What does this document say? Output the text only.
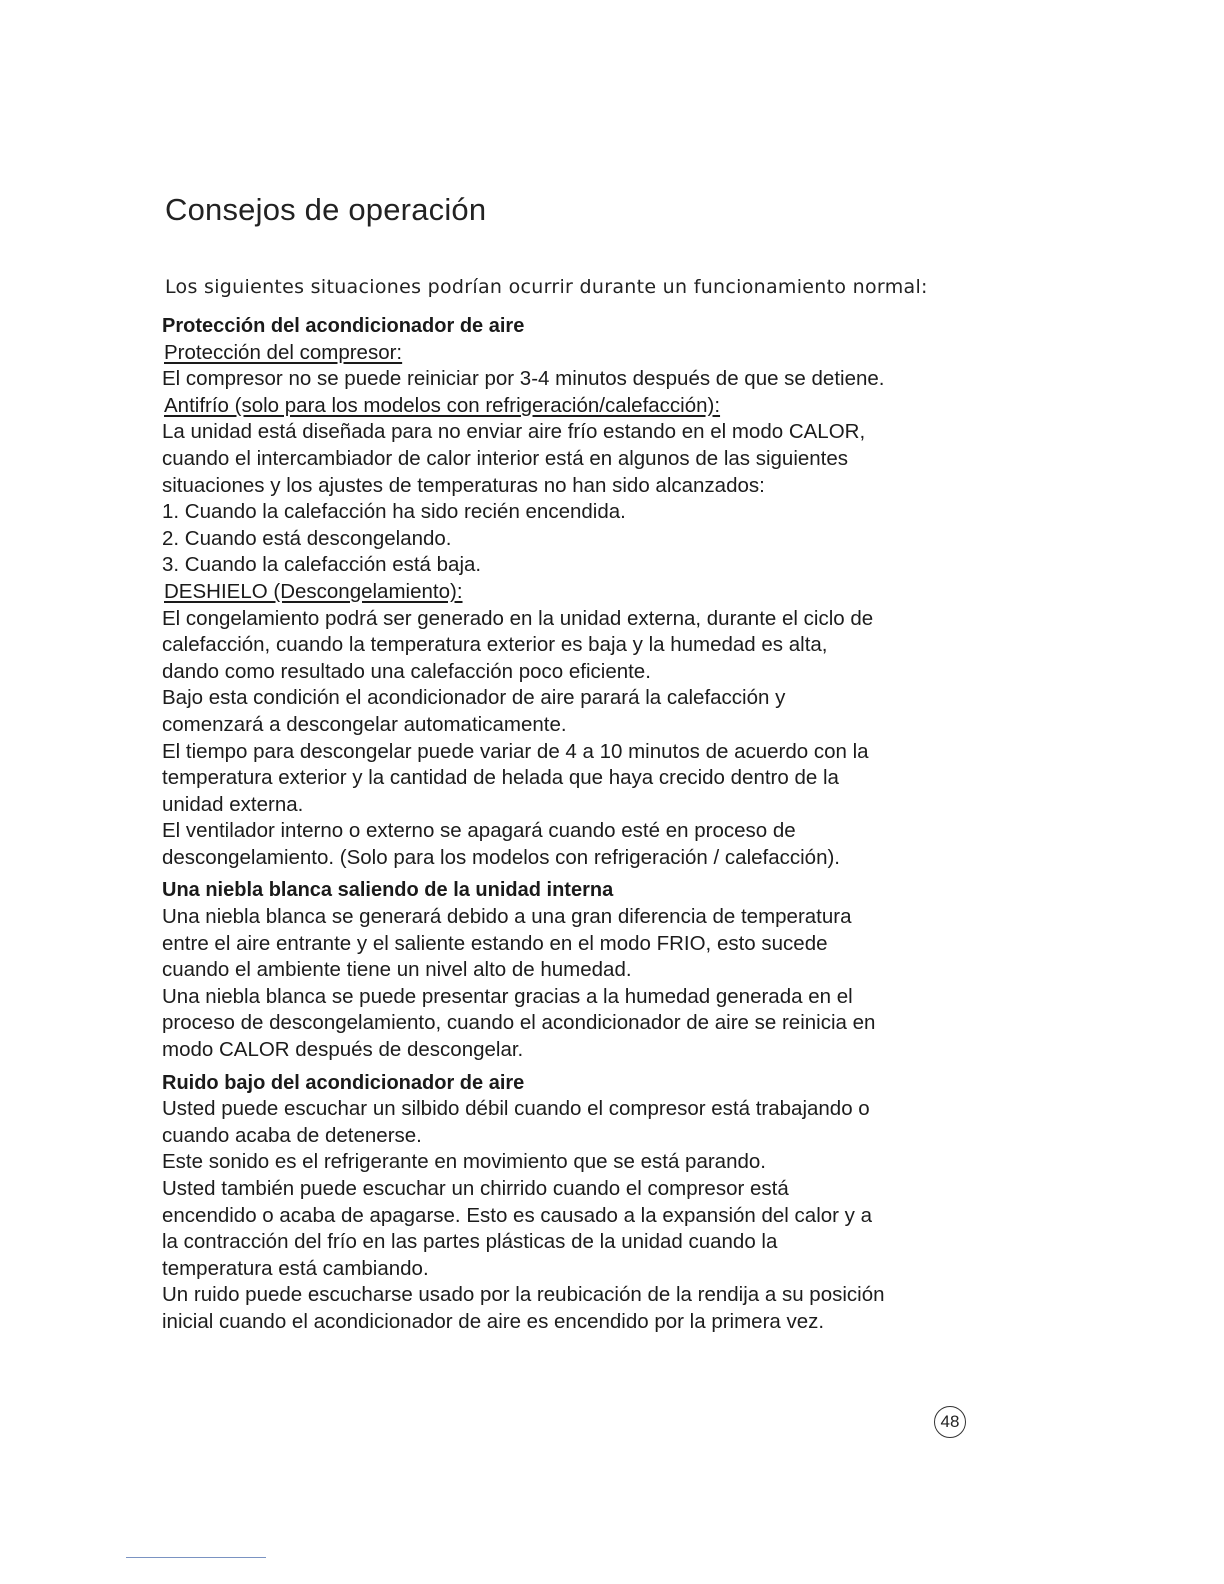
Consejos de operación

Los siguientes situaciones podrían ocurrir durante un funcionamiento normal:

Protección del acondicionador de aire

Protección del compresor:

El compresor no se puede reiniciar por 3-4 minutos después de que se detiene.

Antifrío (solo para los modelos con refrigeración/calefacción):

La unidad está diseñada para no enviar aire frío estando en el modo CALOR,

cuando el intercambiador de calor interior está en algunos de las siguientes

situaciones y los ajustes de temperaturas no han sido alcanzados:

1. Cuando la calefacción ha sido recién encendida.

2. Cuando está descongelando.

3. Cuando la calefacción está baja.

DESHIELO (Descongelamiento):

El congelamiento podrá ser generado en la unidad externa, durante el ciclo de

calefacción, cuando la temperatura exterior es baja y la humedad es alta,

dando como resultado una calefacción poco eficiente.

Bajo esta condición el acondicionador de aire parará la calefacción y

comenzará a descongelar automaticamente.

El tiempo para descongelar puede variar de 4 a 10 minutos de acuerdo con la

temperatura exterior y la cantidad de helada que haya crecido dentro de la

unidad externa.

El ventilador interno o externo se apagará cuando esté en proceso de

descongelamiento. (Solo para los modelos con refrigeración / calefacción).

Una niebla blanca saliendo de la unidad interna

Una niebla blanca se generará debido a una gran diferencia de temperatura

entre el aire entrante y el saliente estando en el modo FRIO, esto sucede

cuando el ambiente tiene un nivel alto de humedad.

Una niebla blanca se puede presentar gracias a la humedad generada en el

proceso de descongelamiento, cuando el acondicionador de aire se reinicia en

modo CALOR después de descongelar.

Ruido bajo del acondicionador de aire

Usted puede escuchar un silbido débil cuando el compresor está trabajando o

cuando acaba de detenerse.

Este sonido es el refrigerante en movimiento que se está parando.

Usted también puede escuchar un chirrido cuando el compresor está

encendido o acaba de apagarse. Esto es causado a la expansión del calor y a

la contracción del frío en las partes plásticas de la unidad cuando la

temperatura está cambiando.

Un ruido puede escucharse usado por la reubicación de la rendija a su posición

inicial cuando el acondicionador de aire es encendido por la primera vez.

48
